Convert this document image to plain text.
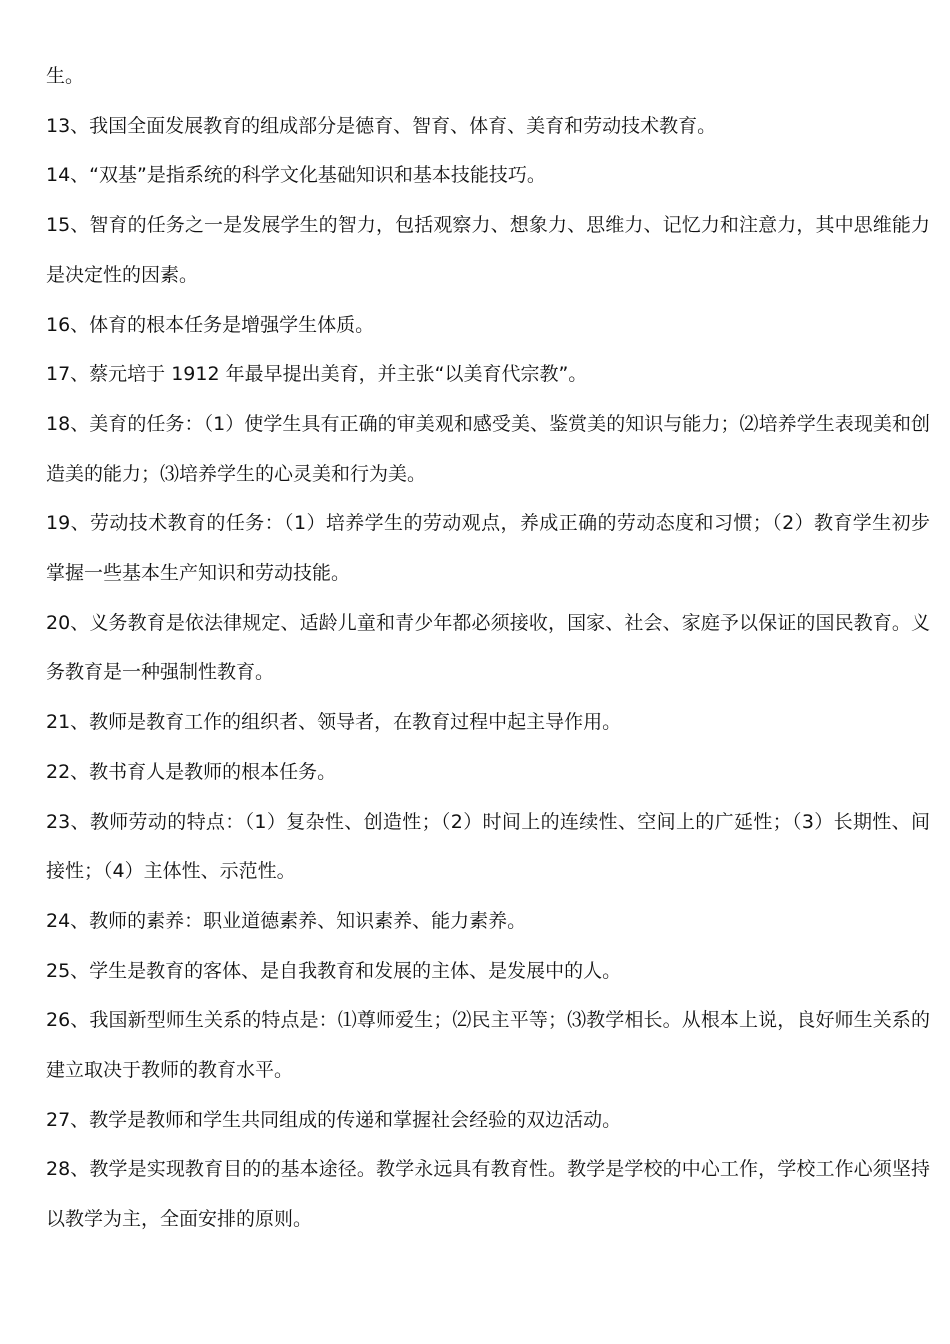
生。

13、我国全面发展教育的组成部分是德育、智育、体育、美育和劳动技术教育。

14、“双基”是指系统的科学文化基础知识和基本技能技巧。

15、智育的任务之一是发展学生的智力，包括观察力、想象力、思维力、记忆力和注意力，其中思维能力是决定性的因素。

16、体育的根本任务是增强学生体质。

17、蔡元培于 1912 年最早提出美育，并主张“以美育代宗教”。

18、美育的任务：（1）使学生具有正确的审美观和感受美、鉴赏美的知识与能力；⑵培养学生表现美和创造美的能力；⑶培养学生的心灵美和行为美。

19、劳动技术教育的任务：（1）培养学生的劳动观点，养成正确的劳动态度和习惯；（2）教育学生初步掌握一些基本生产知识和劳动技能。

20、义务教育是依法律规定、适龄儿童和青少年都必须接收，国家、社会、家庭予以保证的国民教育。义务教育是一种强制性教育。

21、教师是教育工作的组织者、领导者，在教育过程中起主导作用。

22、教书育人是教师的根本任务。

23、教师劳动的特点：（1）复杂性、创造性；（2）时间上的连续性、空间上的广延性；（3）长期性、间接性；（4）主体性、示范性。

24、教师的素养：职业道德素养、知识素养、能力素养。

25、学生是教育的客体、是自我教育和发展的主体、是发展中的人。

26、我国新型师生关系的特点是：⑴尊师爱生；⑵民主平等；⑶教学相长。从根本上说，良好师生关系的建立取决于教师的教育水平。

27、教学是教师和学生共同组成的传递和掌握社会经验的双边活动。

28、教学是实现教育目的的基本途径。教学永远具有教育性。教学是学校的中心工作，学校工作心须坚持以教学为主，全面安排的原则。
